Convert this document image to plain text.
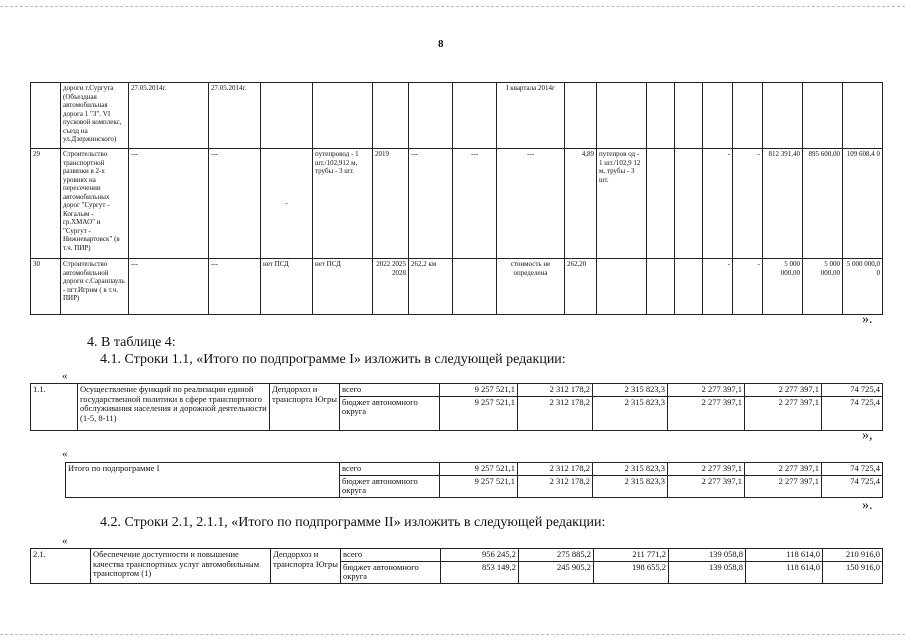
8
	дороги г.Сургута (Объездная автомобильная дорога 1 "З". VI пусковой комплекс, съезд на ул.Дзержинского)	27.05.2014г.	27.05.2014г.						I квартала 2014г									
29	Строительство транспортной развязки в 2-х уровнях на пересечении автомобильных дорог "Сургут - Когалым - гр.ХМАО" и "Сургут - Нижневартовск" (в т.ч. ПИР)	---	---	-	путепровод - 1 шт./102,912 м, трубы - 3 шт.	2019	---	---	---	4,89	путепров од - 1 шт./102,9 12 м, трубы - 3 шт.			-	-	812 391,40	895 600,00	109 608,4 0
30	Строительство автомобильной дороги с.Саранпауль - пгт.Игрим ( в т.ч. ПИР)	---	---	нет ПСД	нет ПСД	2022 2025 2028	262,2 км		стоимость не определена	262,20				-	-	5 000 000,00	5 000 000,00	5 000 000,0 0
».
4. В таблице 4:
4.1. Строки 1.1, «Итого по подпрограмме I» изложить в следующей редакции:
«
1.1.	Осуществление функций по реализации единой государственной политики в сфере транспортного обслуживания населения и дорожной деятельности (1-5, 8-11)	Депдорхоз и транспорта Югры	всего	9 257 521,1	2 312 178,2	2 315 823,3	2 277 397,1	2 277 397,1	74 725,4
			бюджет автономного округа	9 257 521,1	2 312 178,2	2 315 823,3	2 277 397,1	2 277 397,1	74 725,4
»,
«
Итого по подпрограмме I	всего	9 257 521,1	2 312 178,2	2 315 823,3	2 277 397,1	2 277 397,1	74 725,4
	бюджет автономного округа	9 257 521,1	2 312 178,2	2 315 823,3	2 277 397,1	2 277 397,1	74 725,4
».
4.2. Строки 2.1, 2.1.1, «Итого по подпрограмме II» изложить в следующей редакции:
«
2.1.	Обеспечение доступности и повышение качества транспортных услуг автомобильным транспортом (1)	Депдорхоз и транспорта Югры	всего	956 245,2	275 885,2	211 771,2	139 058,8	118 614,0	210 916,0
			бюджет автономного округа	853 149,2	245 905,2	198 655,2	139 058,8	118 614,0	150 916,0
